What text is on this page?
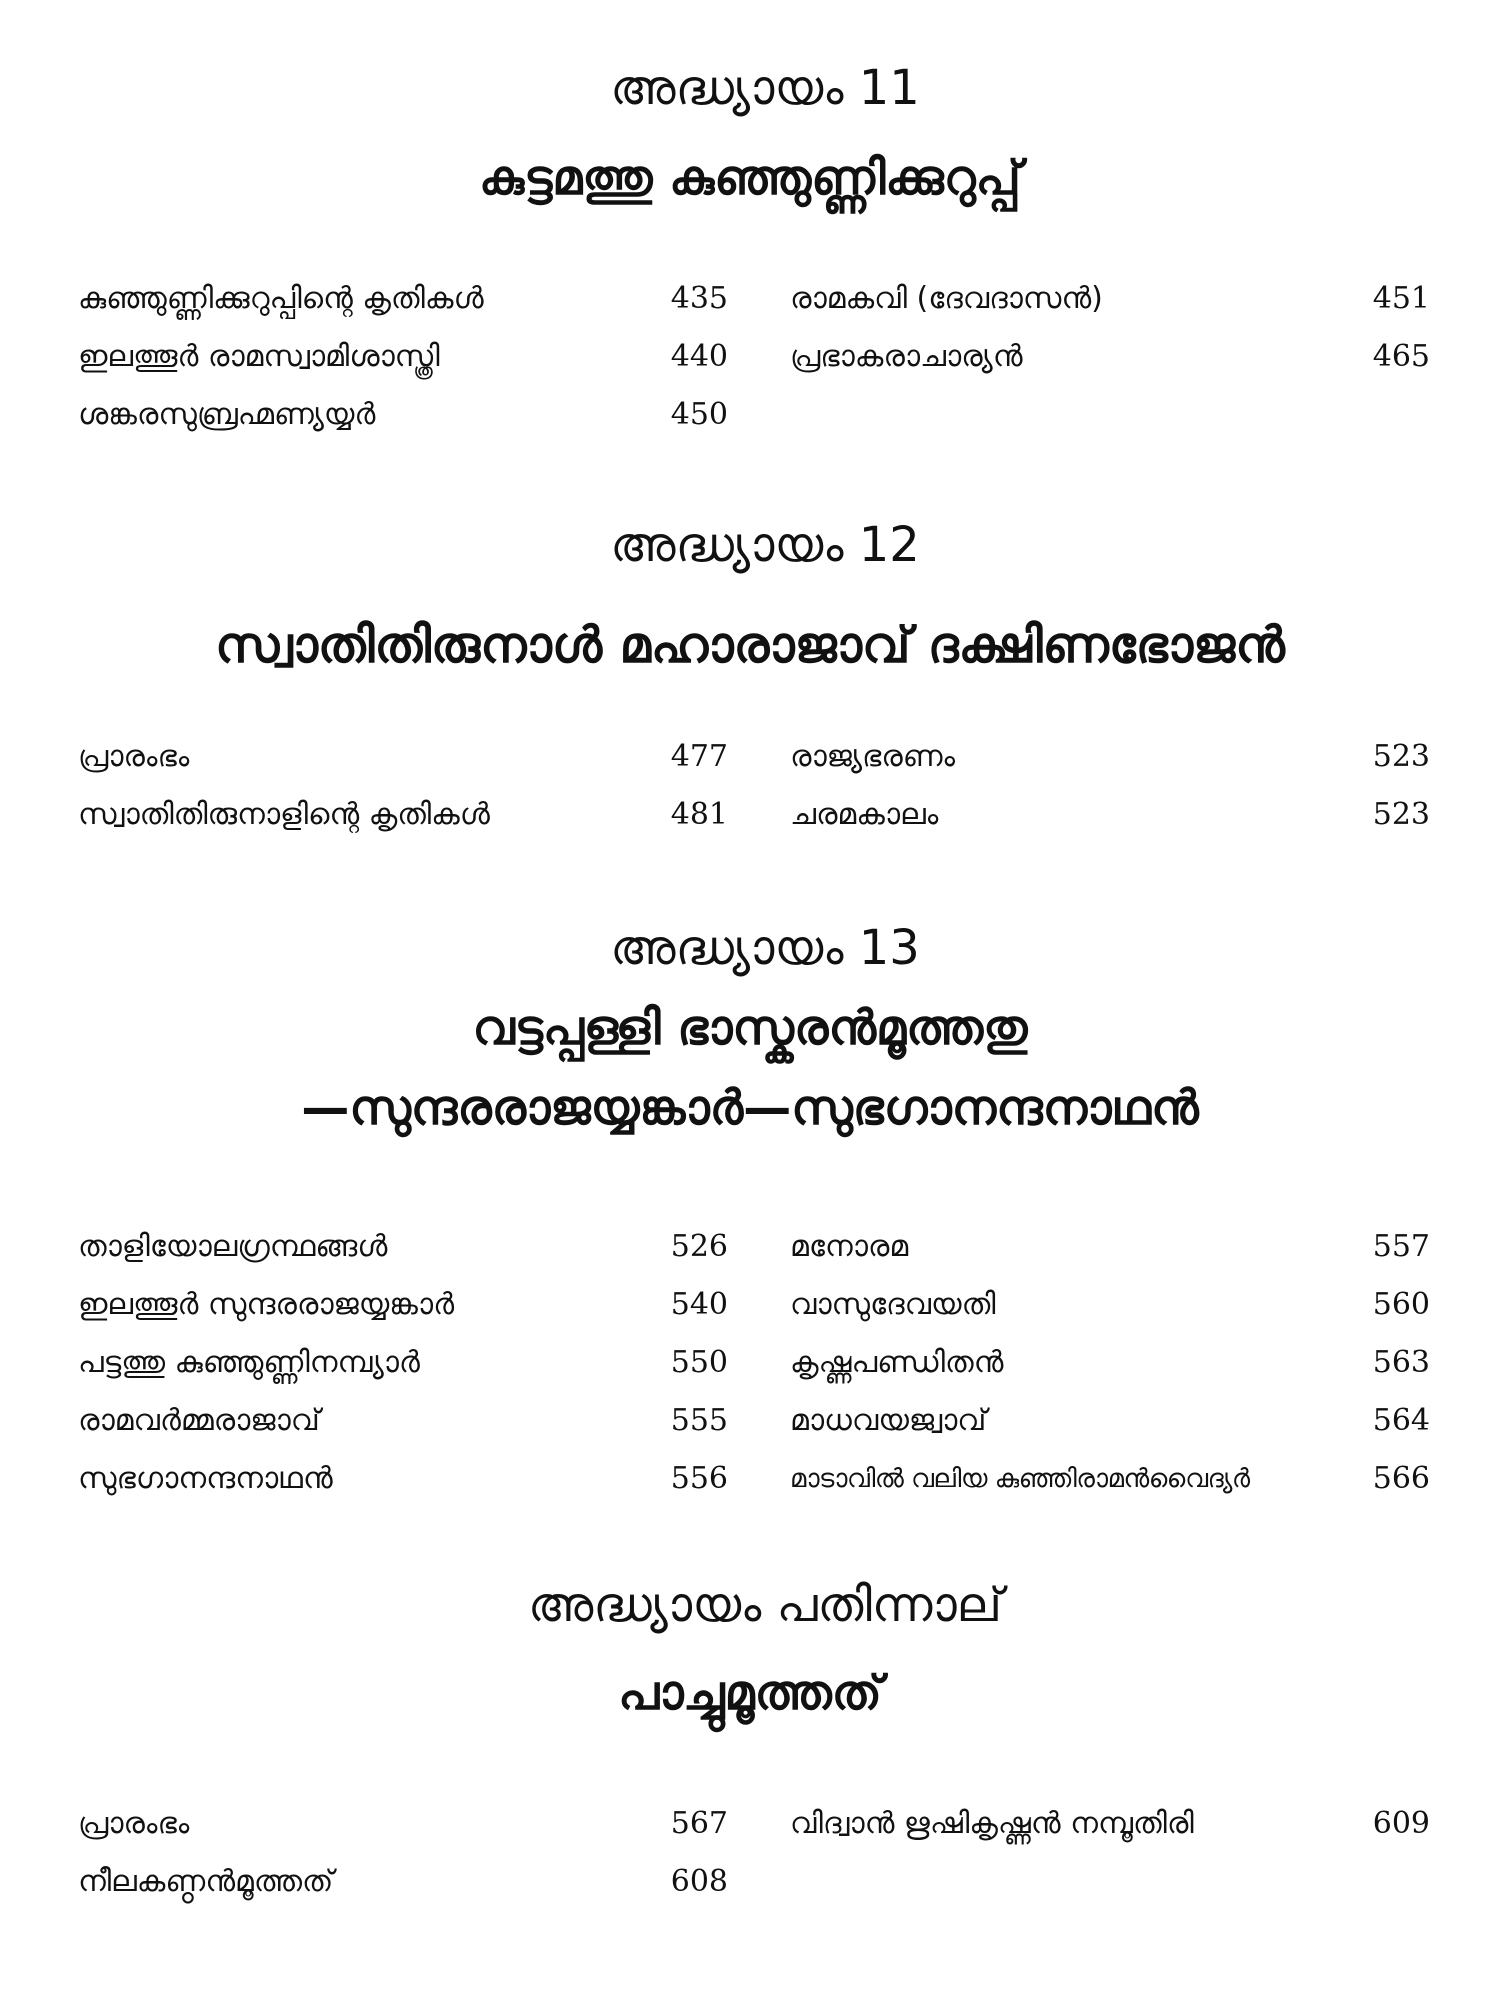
അദ്ധ്യായം 11
കുട്ടമത്തു കുഞ്ഞുണ്ണിക്കുറുപ്പ്
കുഞ്ഞുണ്ണിക്കുറുപ്പിന്റെ കൃതികൾ	435
ഇലത്തൂർ രാമസ്വാമിശാസ്ത്രി	440
ശങ്കരസുബ്രഹ്മണ്യയ്യർ	450
രാമകവി (ദേവദാസൻ)	451
പ്രഭാകരാചാര്യൻ	465
അദ്ധ്യായം 12
സ്വാതിതിരുനാൾ മഹാരാജാവ് ദക്ഷിണഭോജൻ
പ്രാരംഭം	477
സ്വാതിതിരുനാളിന്റെ കൃതികൾ	481
രാജ്യഭരണം	523
ചരമകാലം	523
അദ്ധ്യായം 13
വട്ടപ്പള്ളി ഭാസ്കരൻമൂത്തതു
—സുന്ദരരാജയ്യങ്കാർ—സുഭഗാനന്ദനാഥൻ
താളിയോലഗ്രന്ഥങ്ങൾ	526
ഇലത്തൂർ സുന്ദരരാജയ്യങ്കാർ	540
പട്ടത്തു കുഞ്ഞുണ്ണിനമ്പ്യാർ	550
രാമവർമ്മരാജാവ്	555
സുഭഗാനന്ദനാഥൻ	556
മനോരമ	557
വാസുദേവയതി	560
കൃഷ്ണപണ്ഡിതൻ	563
മാധവയജ്വാവ്	564
മാടാവിൽ വലിയ കുഞ്ഞിരാമൻവൈദ്യർ	566
അദ്ധ്യായം പതിന്നാല്
പാച്ചുമൂത്തത്
പ്രാരംഭം	567
നീലകണ്ഠൻമൂത്തത്	608
വിദ്വാൻ ഋഷികൃഷ്ണൻ നമ്പൂതിരി	609
